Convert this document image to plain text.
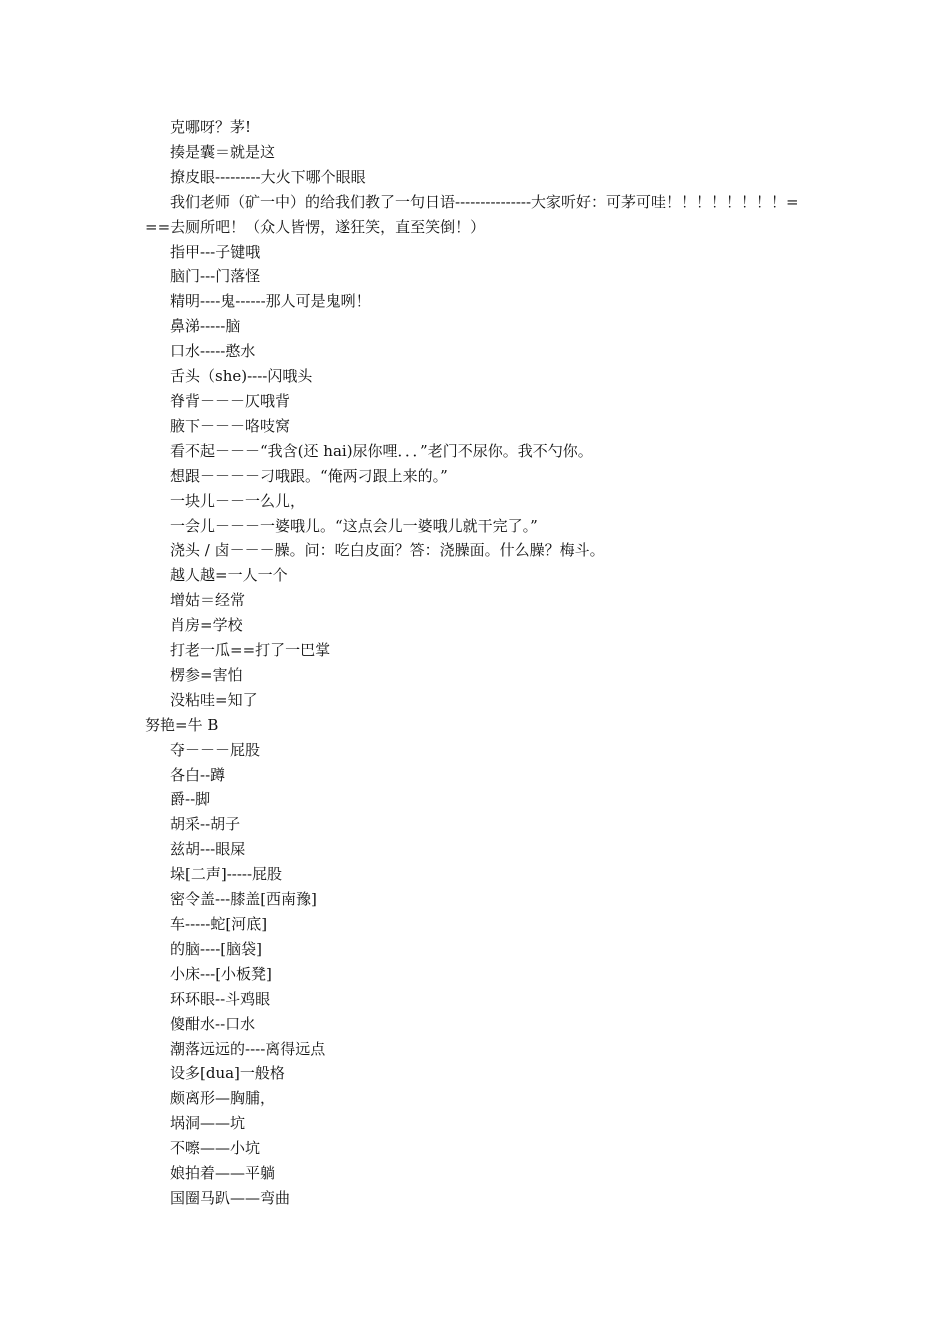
克哪呀？茅!
揍是囊＝就是这
撩皮眼---------大火下哪个眼眼
我们老师（矿一中）的给我们教了一句日语---------------大家听好：可茅可哇！！！！！！！！===去厕所吧！（众人皆愣，遂狂笑，直至笑倒！）
指甲---子键哦
脑门---门落怪
精明----鬼------那人可是鬼咧！
鼻涕-----脑
口水-----憨水
舌头（she)----闪哦头
脊背－－－仄哦背
腋下－－－咯吱窝
看不起－－－“我含(还 hai)尿你哩．．．”老门不尿你。我不勺你。
想跟－－－－刁哦跟。“俺两刁跟上来的。”
一块儿－－一么儿，
一会儿－－－一婆哦儿。“这点会儿一婆哦儿就干完了。”
浇头 / 卤－－－臊。问：吃白皮面？答：浇臊面。什么臊？梅斗。
越人越=一人一个
增姑＝经常
肖房=学校
打老一瓜==打了一巴掌
楞参=害怕
没粘哇=知了
努艳=牛 B
夺－－－屁股
各白--蹲
爵--脚
胡采--胡子
兹胡---眼屎
垛[二声]-----屁股
密令盖---膝盖[西南豫]
车-----蛇[河底]
的脑----[脑袋]
小床---[小板凳]
环环眼--斗鸡眼
傻酣水--口水
潮落远远的----离得远点
设多[dua]一般格
颇离形—胸脯，
埚洞——坑
不嚓——小坑
娘拍着——平躺
国圈马趴——弯曲
